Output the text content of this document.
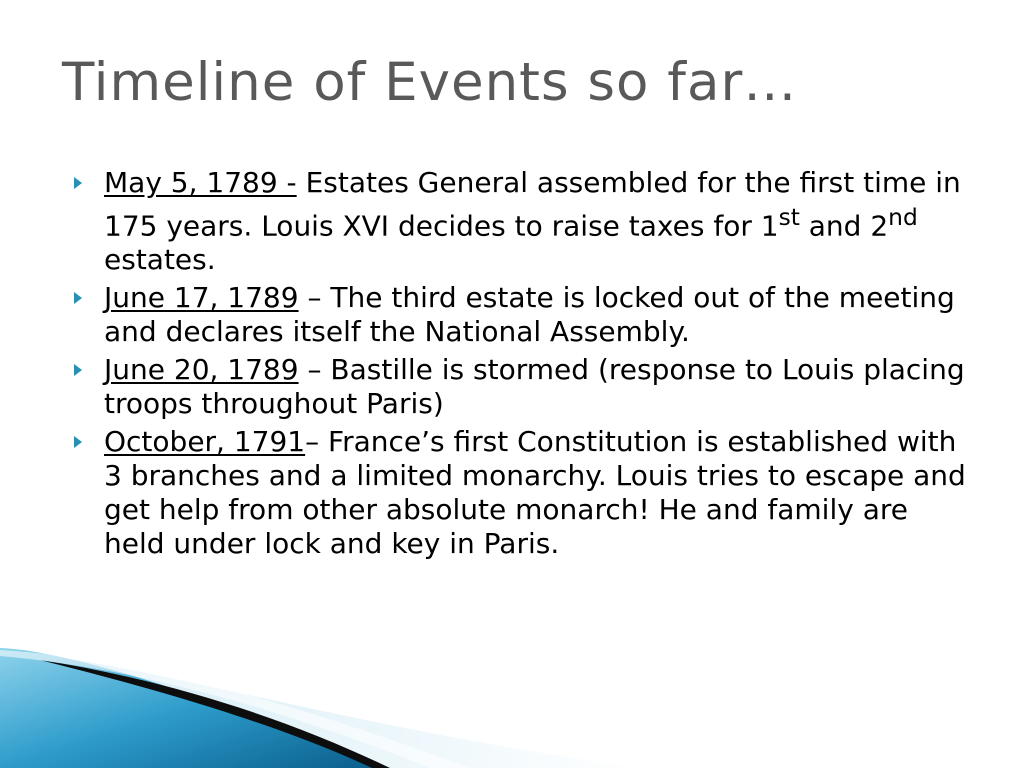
Timeline of Events so far…
May 5, 1789 - Estates General assembled for the first time in 175 years. Louis XVI decides to raise taxes for 1st and 2nd estates.
June 17, 1789 – The third estate is locked out of the meeting and declares itself the National Assembly.
June 20, 1789 – Bastille is stormed (response to Louis placing troops throughout Paris)
October, 1791– France’s first Constitution is established with 3 branches and a limited monarchy. Louis tries to escape and get help from other absolute monarch! He and family are held under lock and key in Paris.
